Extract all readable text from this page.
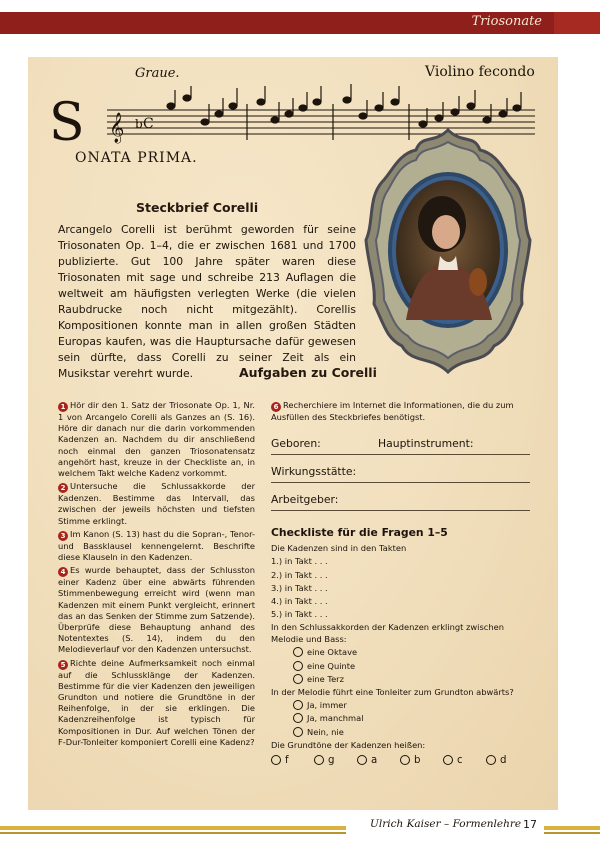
Triosonate
S 𝄞 b C
Graue.	Violino fecondo
ONATA PRIMA.
Steckbrief Corelli

Arcangelo Corelli ist berühmt geworden für seine Triosonaten Op. 1–4, die er zwischen 1681 und 1700 publizierte. Gut 100 Jahre später waren diese Triosonaten mit sage und schreibe 213 Auflagen die weltweit am häufigsten verlegten Werke (die vielen Raubdrucke noch nicht mitgezählt). Corellis Kompositionen konnte man in allen großen Städten Europas kaufen, was die Hauptursache dafür gewesen sein dürfte, dass Corelli zu seiner Zeit als ein Musikstar verehrt wurde.	Aufgaben zu Corelli
1 Hör dir den 1. Satz der Triosonate Op. 1, Nr. 1 von Arcangelo Corelli als Ganzes an (S. 16). Höre dir danach nur die darin vorkommenden Kadenzen an. Nachdem du dir anschließend noch einmal den ganzen Triosonatensatz angehört hast, kreuze in der Checkliste an, in welchem Takt welche Kadenz vorkommt.
2 Untersuche die Schlussakkorde der Kadenzen. Bestimme das Intervall, das zwischen der jeweils höchsten und tiefsten Stimme erklingt.
3 Im Kanon (S. 13) hast du die Sopran-, Tenor- und Bassklausel kennengelernt. Beschrifte diese Klauseln in den Kadenzen.
4 Es wurde behauptet, dass der Schlusston einer Kadenz über eine abwärts führenden Stimmenbewegung erreicht wird (wenn man Kadenzen mit einem Punkt vergleicht, erinnert das an das Senken der Stimme zum Satzende). Überprüfe diese Behauptung anhand des Notentextes (S. 14), indem du den Melodieverlauf vor den Kadenzen untersuchst.
5 Richte deine Aufmerksamkeit noch einmal auf die Schlussklänge der Kadenzen. Bestimme für die vier Kadenzen den jeweiligen Grundton und notiere die Grundtöne in der Reihenfolge, in der sie erklingen. Die Kadenzreihenfolge ist typisch für Kompositionen in Dur. Auf welchen Tönen der F-Dur-Tonleiter komponiert Corelli eine Kadenz?
6 Recherchiere im Internet die Informationen, die du zum Ausfüllen des Steckbriefes benötigst.
Geboren:	Hauptinstrument:
Wirkungsstätte:
Arbeitgeber:
Checkliste für die Fragen 1–5
Die Kadenzen sind in den Takten
1.) in Takt . . .
2.) in Takt . . .
3.) in Takt . . .
4.) in Takt . . .
5.) in Takt . . .
In den Schlussakkorden der Kadenzen erklingt zwischen Melodie und Bass:
eine Oktave
eine Quinte
eine Terz
In der Melodie führt eine Tonleiter zum Grundton abwärts?
Ja, immer
Ja, manchmal
Nein, nie
Die Grundtöne der Kadenzen heißen:
f	g	a	b	c	d
Ulrich Kaiser – Formenlehre 17
